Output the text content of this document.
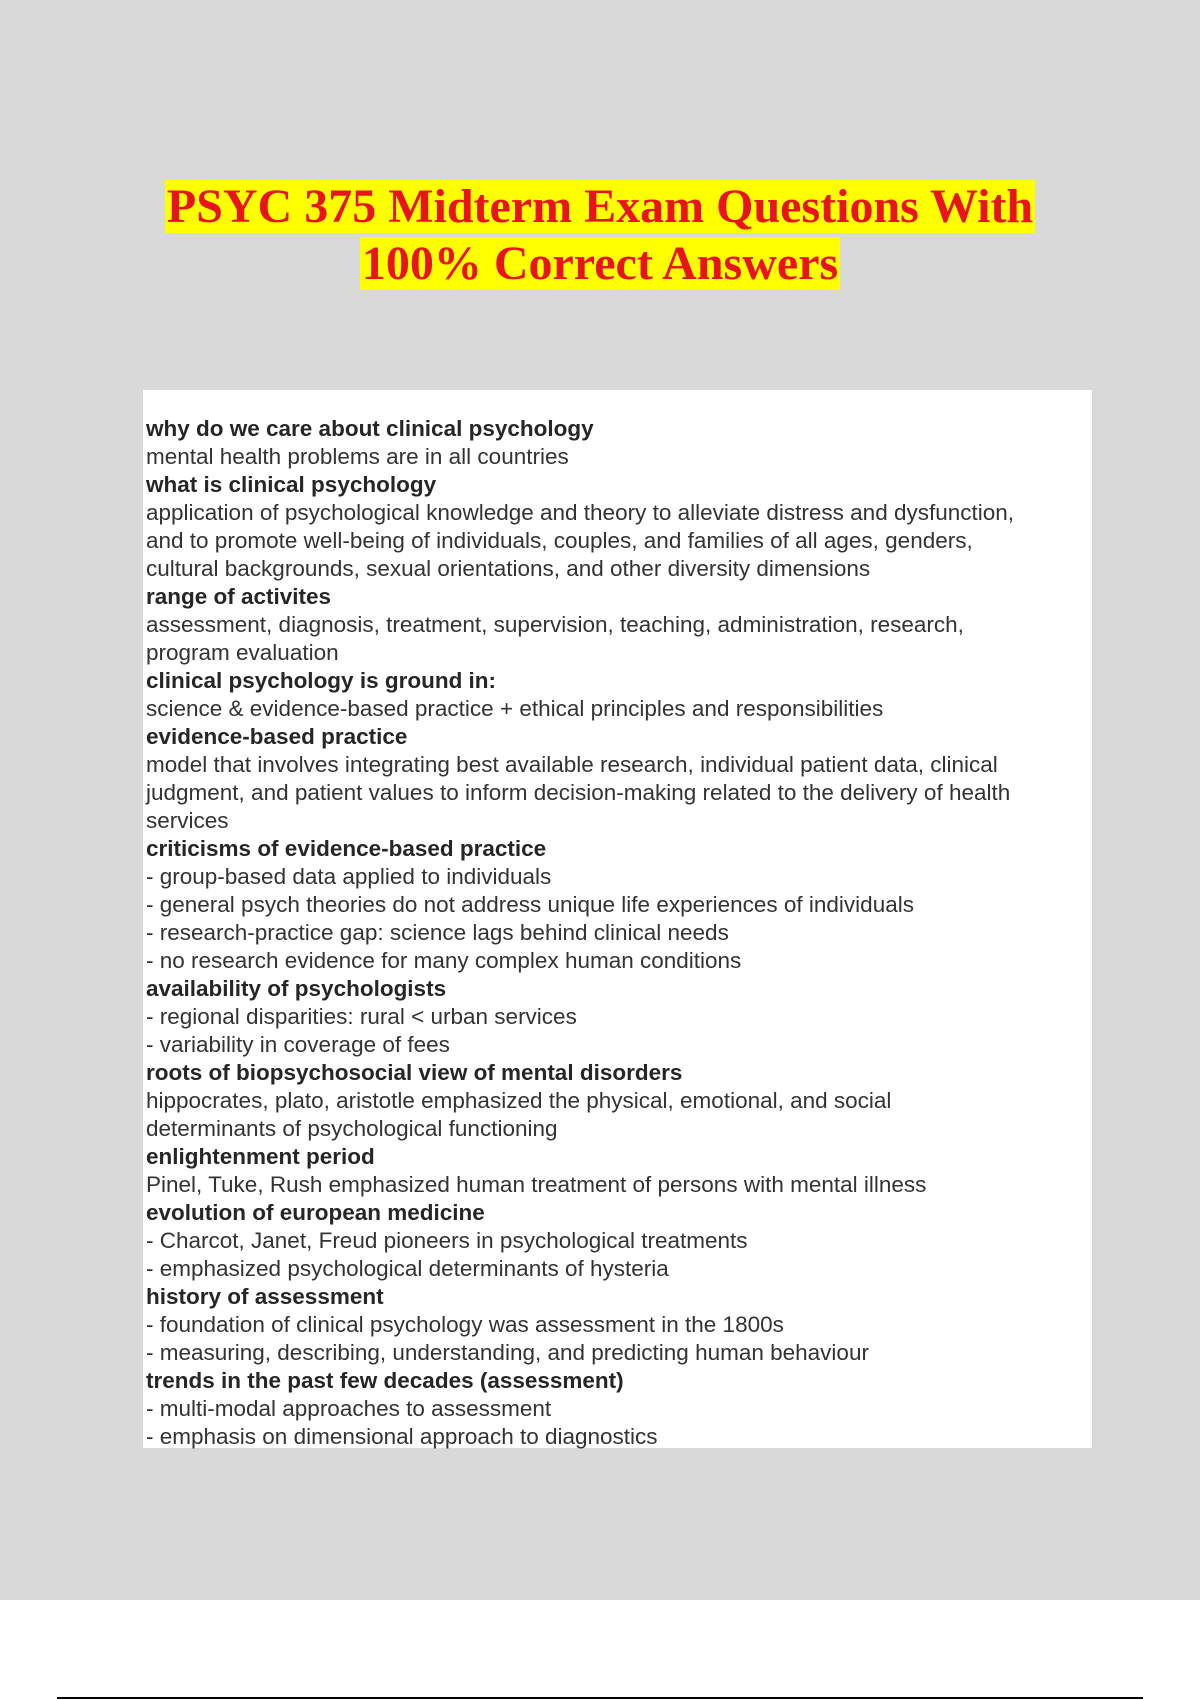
PSYC 375 Midterm Exam Questions With
100% Correct Answers

why do we care about clinical psychology

mental health problems are in all countries

what is clinical psychology

application of psychological knowledge and theory to alleviate distress and dysfunction,
and to promote well-being of individuals, couples, and families of all ages, genders,
cultural backgrounds, sexual orientations, and other diversity dimensions

range of activites

assessment, diagnosis, treatment, supervision, teaching, administration, research,
program evaluation

clinical psychology is ground in:

science & evidence-based practice + ethical principles and responsibilities

evidence-based practice

model that involves integrating best available research, individual patient data, clinical
judgment, and patient values to inform decision-making related to the delivery of health
services

criticisms of evidence-based practice

- group-based data applied to individuals
- general psych theories do not address unique life experiences of individuals
- research-practice gap: science lags behind clinical needs
- no research evidence for many complex human conditions

availability of psychologists

- regional disparities: rural < urban services
- variability in coverage of fees

roots of biopsychosocial view of mental disorders

hippocrates, plato, aristotle emphasized the physical, emotional, and social
determinants of psychological functioning

enlightenment period

Pinel, Tuke, Rush emphasized human treatment of persons with mental illness

evolution of european medicine

- Charcot, Janet, Freud pioneers in psychological treatments
- emphasized psychological determinants of hysteria

history of assessment

- foundation of clinical psychology was assessment in the 1800s
- measuring, describing, understanding, and predicting human behaviour

trends in the past few decades (assessment)

- multi-modal approaches to assessment
- emphasis on dimensional approach to diagnostics
